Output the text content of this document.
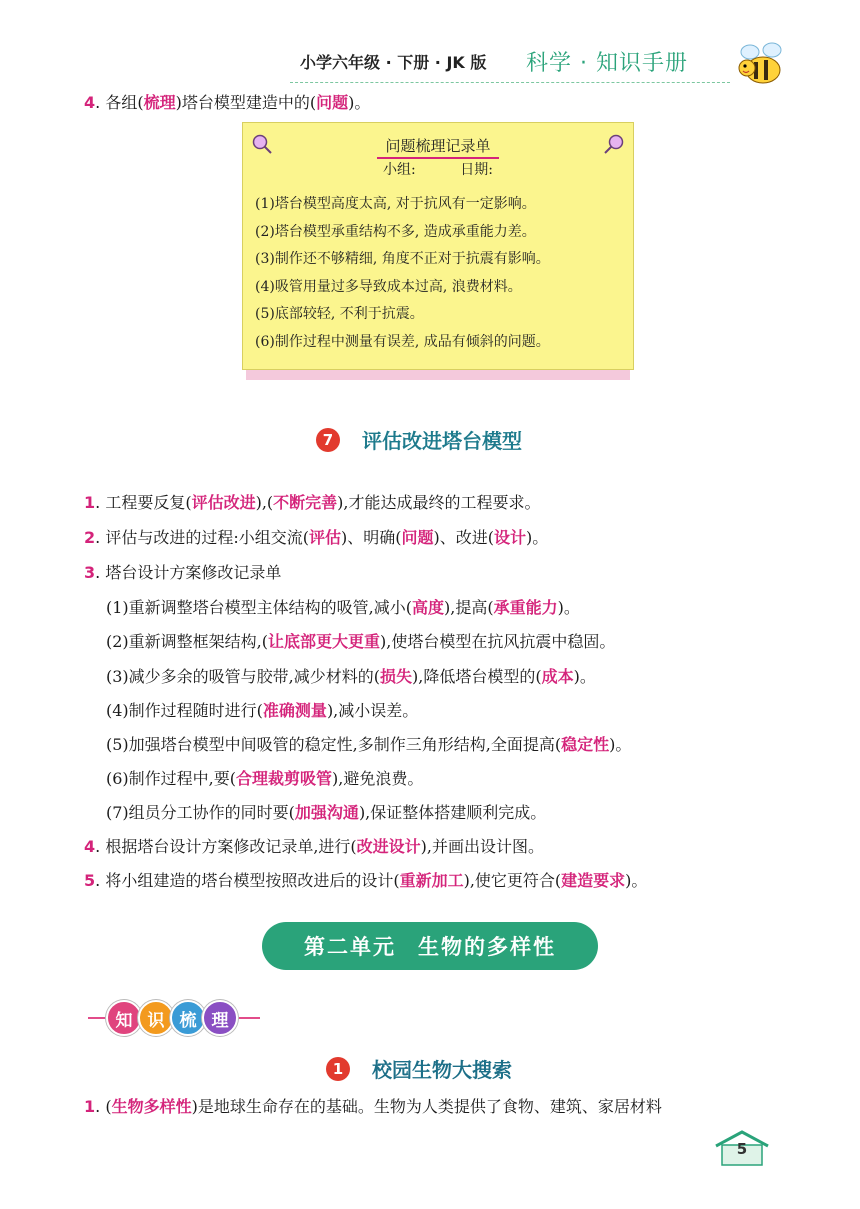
小学六年级 · 下册 · JK 版 科学 · 知识手册
4. 各组(梳理)塔台模型建造中的(问题)。
问题梳理记录单
小组:	日期:
(1)塔台模型高度太高, 对于抗风有一定影响。
(2)塔台模型承重结构不多, 造成承重能力差。
(3)制作还不够精细, 角度不正对于抗震有影响。
(4)吸管用量过多导致成本过高, 浪费材料。
(5)底部较轻, 不利于抗震。
(6)制作过程中测量有误差, 成品有倾斜的问题。
7	评估改进塔台模型
1. 工程要反复(评估改进),(不断完善),才能达成最终的工程要求。
2. 评估与改进的过程:小组交流(评估)、明确(问题)、改进(设计)。
3. 塔台设计方案修改记录单
(1)重新调整塔台模型主体结构的吸管,减小(高度),提高(承重能力)。
(2)重新调整框架结构,(让底部更大更重),使塔台模型在抗风抗震中稳固。
(3)减少多余的吸管与胶带,减少材料的(损失),降低塔台模型的(成本)。
(4)制作过程随时进行(准确测量),减小误差。
(5)加强塔台模型中间吸管的稳定性,多制作三角形结构,全面提高(稳定性)。
(6)制作过程中,要(合理裁剪吸管),避免浪费。
(7)组员分工协作的同时要(加强沟通),保证整体搭建顺利完成。
4. 根据塔台设计方案修改记录单,进行(改进设计),并画出设计图。
5. 将小组建造的塔台模型按照改进后的设计(重新加工),使它更符合(建造要求)。
第二单元 生物的多样性
知 识 梳 理
1	校园生物大搜索
1. (生物多样性)是地球生命存在的基础。生物为人类提供了食物、建筑、家居材料
5
